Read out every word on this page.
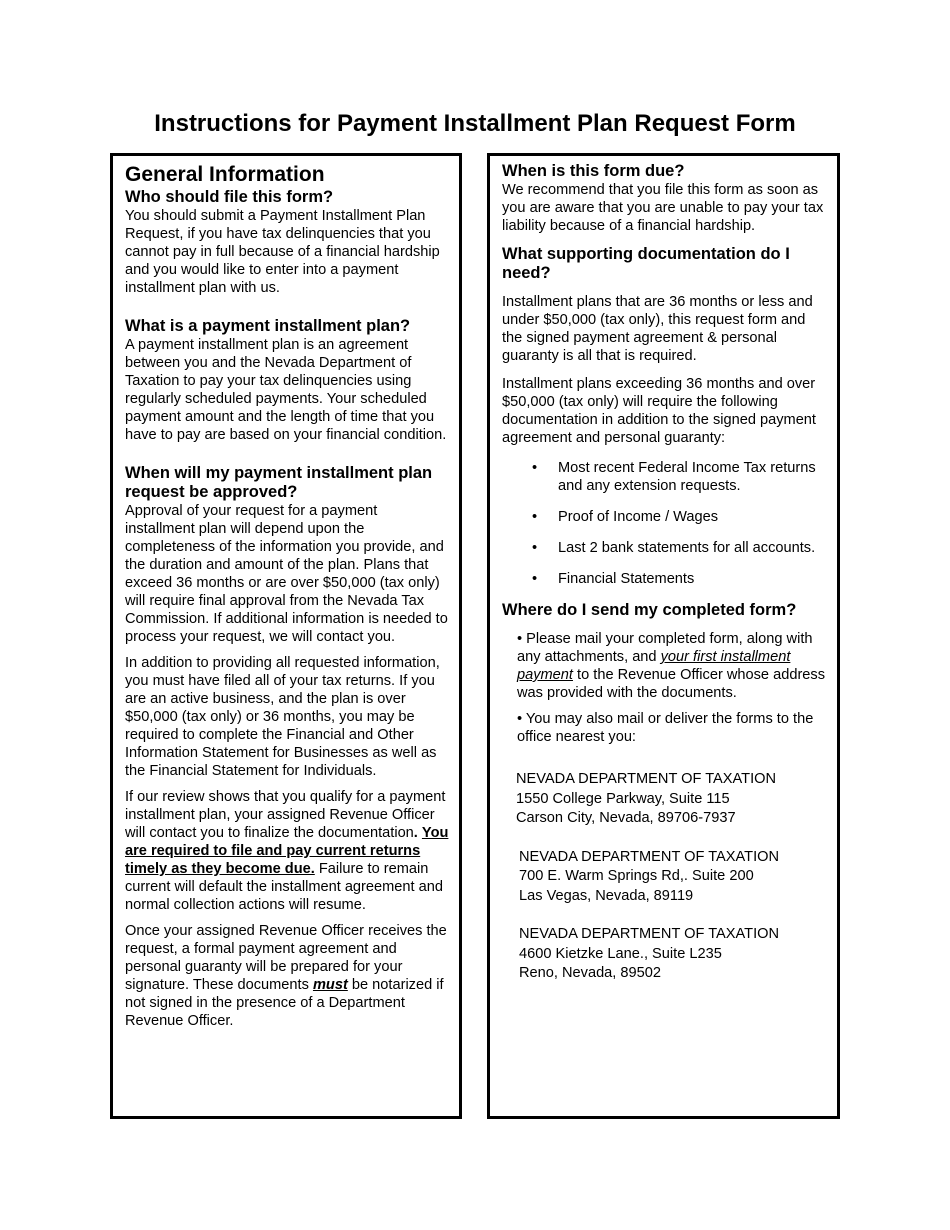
Instructions for Payment Installment Plan Request Form
General Information
Who should file this form?

You should submit a Payment Installment Plan Request, if you have tax delinquencies that you cannot pay in full because of a financial hardship and you would like to enter into a payment installment plan with us.

What is a payment installment plan?

A payment installment plan is an agreement between you and the Nevada Department of Taxation to pay your tax delinquencies using regularly scheduled payments. Your scheduled payment amount and the length of time that you have to pay are based on your financial condition.

When will my payment installment plan request be approved?

Approval of your request for a payment installment plan will depend upon the completeness of the information you provide, and the duration and amount of the plan. Plans that exceed 36 months or are over $50,000 (tax only) will require final approval from the Nevada Tax Commission. If additional information is needed to process your request, we will contact you.

In addition to providing all requested information, you must have filed all of your tax returns. If you are an active business, and the plan is over $50,000 (tax only) or 36 months, you may be required to complete the Financial and Other Information Statement for Businesses as well as the Financial Statement for Individuals.

If our review shows that you qualify for a payment installment plan, your assigned Revenue Officer will contact you to finalize the documentation. You are required to file and pay current returns timely as they become due. Failure to remain current will default the installment agreement and normal collection actions will resume.

Once your assigned Revenue Officer receives the request, a formal payment agreement and personal guaranty will be prepared for your signature. These documents must be notarized if not signed in the presence of a Department Revenue Officer.

When is this form due?

We recommend that you file this form as soon as you are aware that you are unable to pay your tax liability because of a financial hardship.

What supporting documentation do I need?

Installment plans that are 36 months or less and under $50,000 (tax only), this request form and the signed payment agreement & personal guaranty is all that is required.

Installment plans exceeding 36 months and over $50,000 (tax only) will require the following documentation in addition to the signed payment agreement and personal guaranty:

• Most recent Federal Income Tax returns and any extension requests.
• Proof of Income / Wages
• Last 2 bank statements for all accounts.
• Financial Statements
Where do I send my completed form?

• Please mail your completed form, along with any attachments, and your first installment payment to the Revenue Officer whose address was provided with the documents.

• You may also mail or deliver the forms to the office nearest you:

NEVADA DEPARTMENT OF TAXATION

1550 College Parkway, Suite 115

Carson City, Nevada, 89706-7937

NEVADA DEPARTMENT OF TAXATION

700 E. Warm Springs Rd,. Suite 200

Las Vegas, Nevada, 89119

NEVADA DEPARTMENT OF TAXATION

4600 Kietzke Lane., Suite L235

Reno, Nevada, 89502
